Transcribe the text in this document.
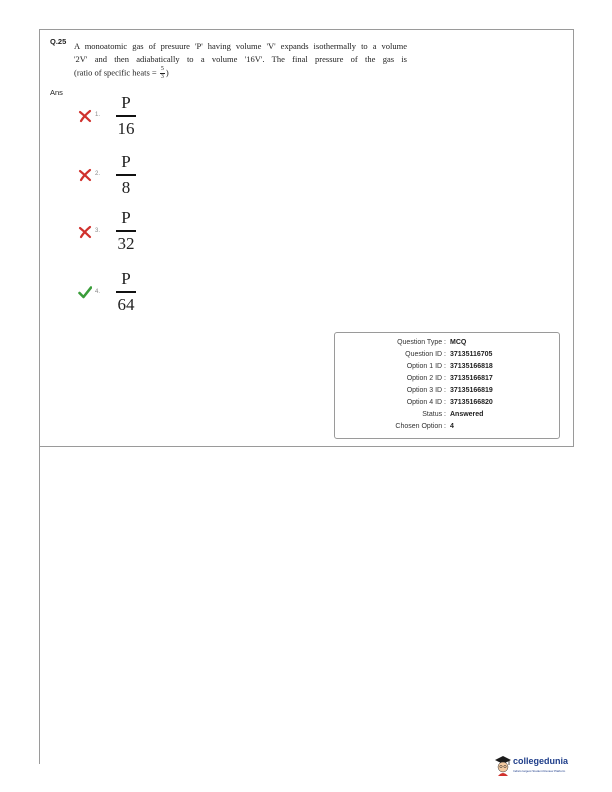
Q.25 A monoatomic gas of presuure 'P' having volume 'V' expands isothermally to a volume
'2V' and then adiabatically to a volume '16V'. The final pressure of the gas is
(ratio of specific heats = $\frac{5}{3}$ )
Ans
1.
P
16
2.
P
8
3.
P
32
4.
P
64
Question Type : MCQ
Question ID : 37135116705
Option 1 ID : 37135166818
Option 2 ID : 37135166817
Option 3 ID : 37135166819
Option 4 ID : 37135166820
Status : Answered
Chosen Option : 4
collegedunia
India's largest Student Review Platform
